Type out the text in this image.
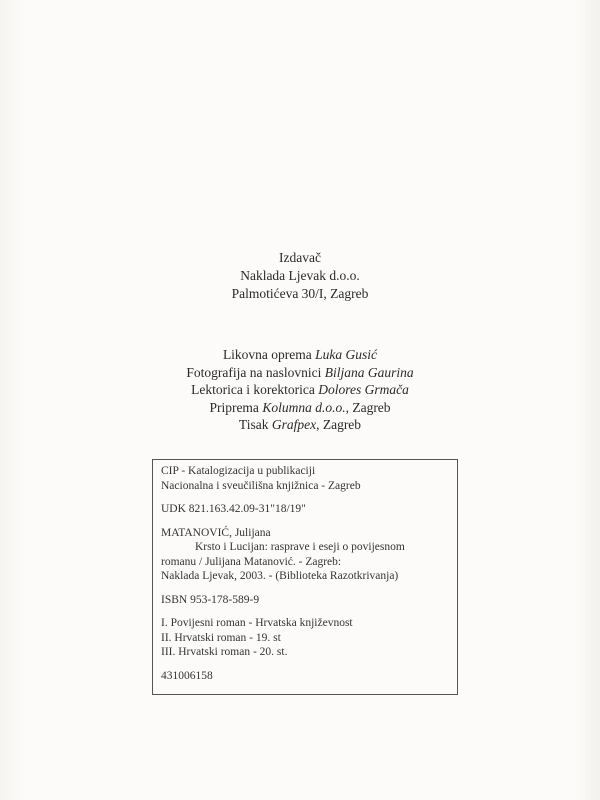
Izdavač
Naklada Ljevak d.o.o.
Palmotićeva 30/I, Zagreb
Likovna oprema Luka Gusić
Fotografija na naslovnici Biljana Gaurina
Lektorica i korektorica Dolores Grmača
Priprema Kolumna d.o.o., Zagreb
Tisak Grafpex, Zagreb
CIP - Katalogizacija u publikaciji
Nacionalna i sveučilišna knjižnica - Zagreb
UDK 821.163.42.09-31"18/19"
MATANOVIĆ, Julijana
Krsto i Lucijan: rasprave i eseji o povijesnom
romanu / Julijana Matanović. - Zagreb:
Naklada Ljevak, 2003. - (Biblioteka Razotkrivanja)
ISBN 953-178-589-9
I. Povijesni roman - Hrvatska književnost
II. Hrvatski roman - 19. st
III. Hrvatski roman - 20. st.
431006158
